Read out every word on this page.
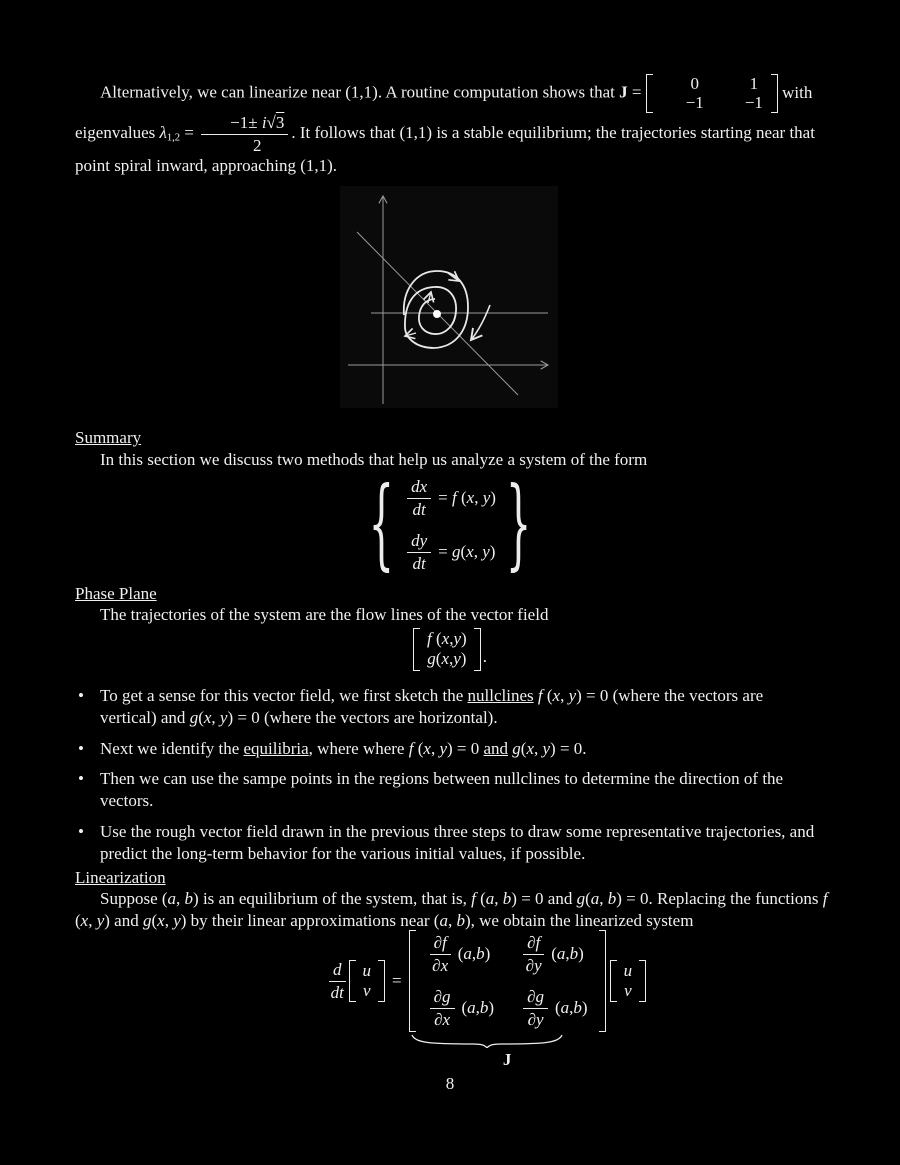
Alternatively, we can linearize near (1,1). A routine computation shows that J =	0	1
−1	−1
with eigenvalues $\lambda 1,2 = \frac{-1\pm i√3}{2}$ . It follows that (1,1) is a stable equilibrium; the trajectories starting near that point spiral inward, approaching (1,1).

Summary

In this section we discuss two methods that help us analyze a system of the form

{ $\frac{dx}{dt} = f$ (x, y)
$\frac{dy}{dt} = g(x$, y) }
Phase Plane

The trajectories of the system are the flow lines of the vector field

f (x,y)
g(x,y) .
• To get a sense for this vector field, we first sketch the nullclines f (x, y) = 0 (where the vectors are vertical) and g(x, y) = 0 (where the vectors are horizontal).
• Next we identify the equilibria, where where f (x, y) = 0 and g(x, y) = 0.
• Then we can use the sampe points in the regions between nullclines to determine the direction of the vectors.
• Use the rough vector field drawn in the previous three steps to draw some representative trajectories, and predict the long-term behavior for the various initial values, if possible.
Linearization

Suppose (a, b) is an equilibrium of the system, that is, f (a, b) = 0 and g(a, b) = 0. Replacing the functions f (x, y) and g(x, y) by their linear approximations near (a, b), we obtain the linearized system

$\frac{d}{dt}$ u
v
=
$\frac{\partial f}{\partial x} (a,b) \frac{\partial f}{\partial y} (a,b)$
$\frac{\partial g}{\partial x} (a,b) \frac{\partial g}{\partial y} (a,b)$
J
u
v
8
